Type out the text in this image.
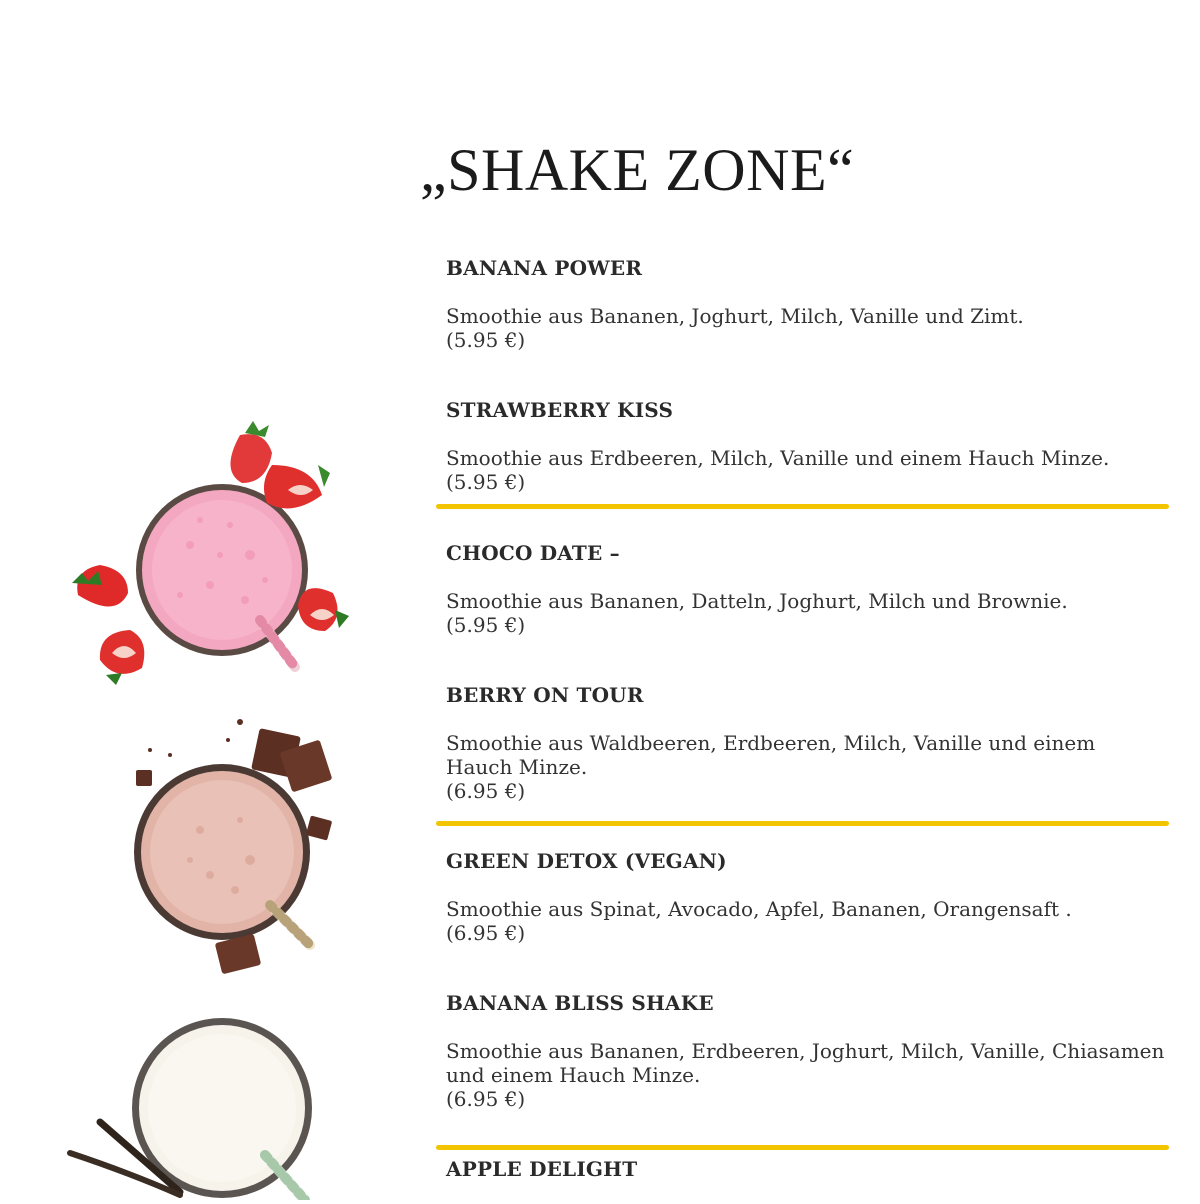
„SHAKE ZONE“
BANANA POWER
Smoothie aus Bananen, Joghurt, Milch, Vanille und Zimt.
(5.95 €)
STRAWBERRY KISS
Smoothie aus Erdbeeren, Milch, Vanille und einem Hauch Minze.
(5.95 €)
CHOCO DATE –
Smoothie aus Bananen, Datteln, Joghurt, Milch und Brownie.
(5.95 €)
BERRY ON TOUR
Smoothie aus Waldbeeren, Erdbeeren, Milch, Vanille und einem Hauch Minze.
(6.95 €)
GREEN DETOX (VEGAN)
Smoothie aus Spinat, Avocado, Apfel, Bananen, Orangensaft .
(6.95 €)
BANANA BLISS SHAKE
Smoothie aus Bananen, Erdbeeren, Joghurt, Milch, Vanille, Chiasamen und einem Hauch Minze.
(6.95 €)
APPLE DELIGHT
